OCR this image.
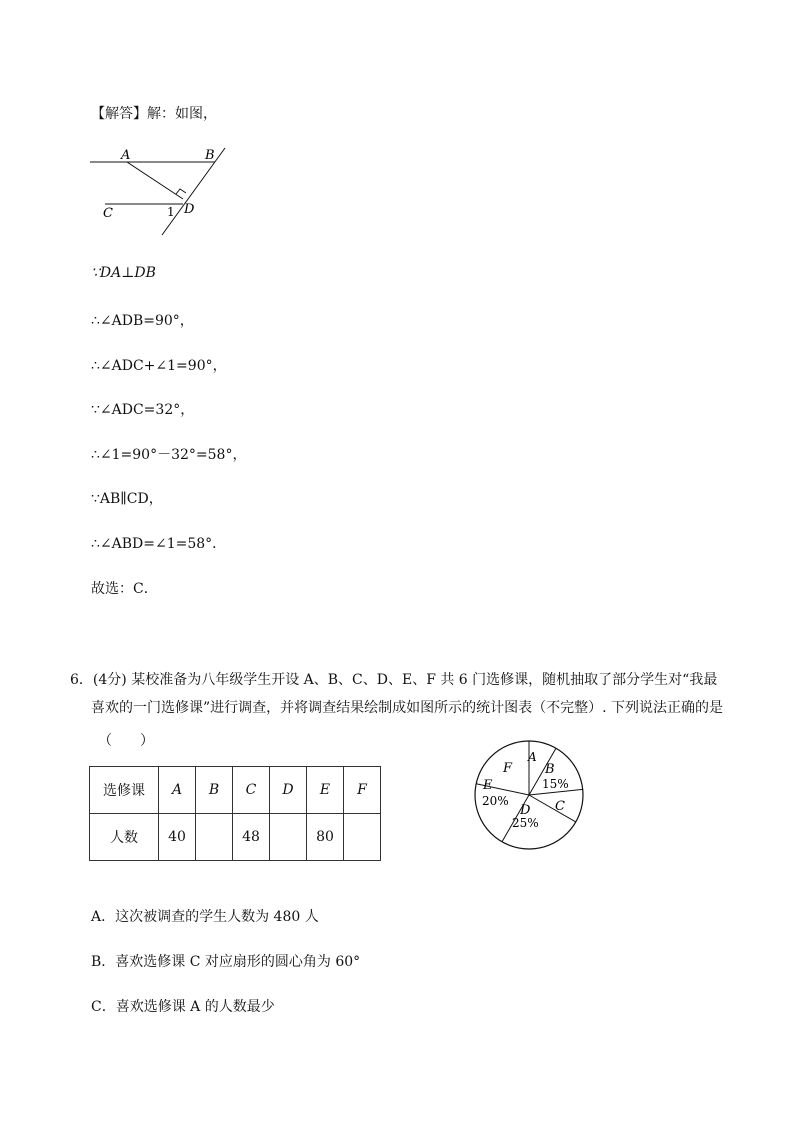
【解答】解：如图，
A	B
C	D
1
∵DA⊥DB
∴∠ADB=90°，
∴∠ADC+∠1=90°，
∵∠ADC=32°，
∴∠1=90°－32°=58°，
∵AB∥CD，
∴∠ABD=∠1=58°．
故选：C．

6．(4分) 某校准备为八年级学生开设 A、B、C、D、E、F 共 6 门选修课，随机抽取了部分学生对“我最

喜欢的一门选修课”进行调查，并将调查结果绘制成如图所示的统计图表（不完整）. 下列说法正确的是

（　　）
选修课	A	B	C	D	E	F
人数	40		48		80	
A
B
15%
C
D
25%
E
20%
F
A．这次被调查的学生人数为 480 人
B．喜欢选修课 C 对应扇形的圆心角为 60°
C．喜欢选修课 A 的人数最少
